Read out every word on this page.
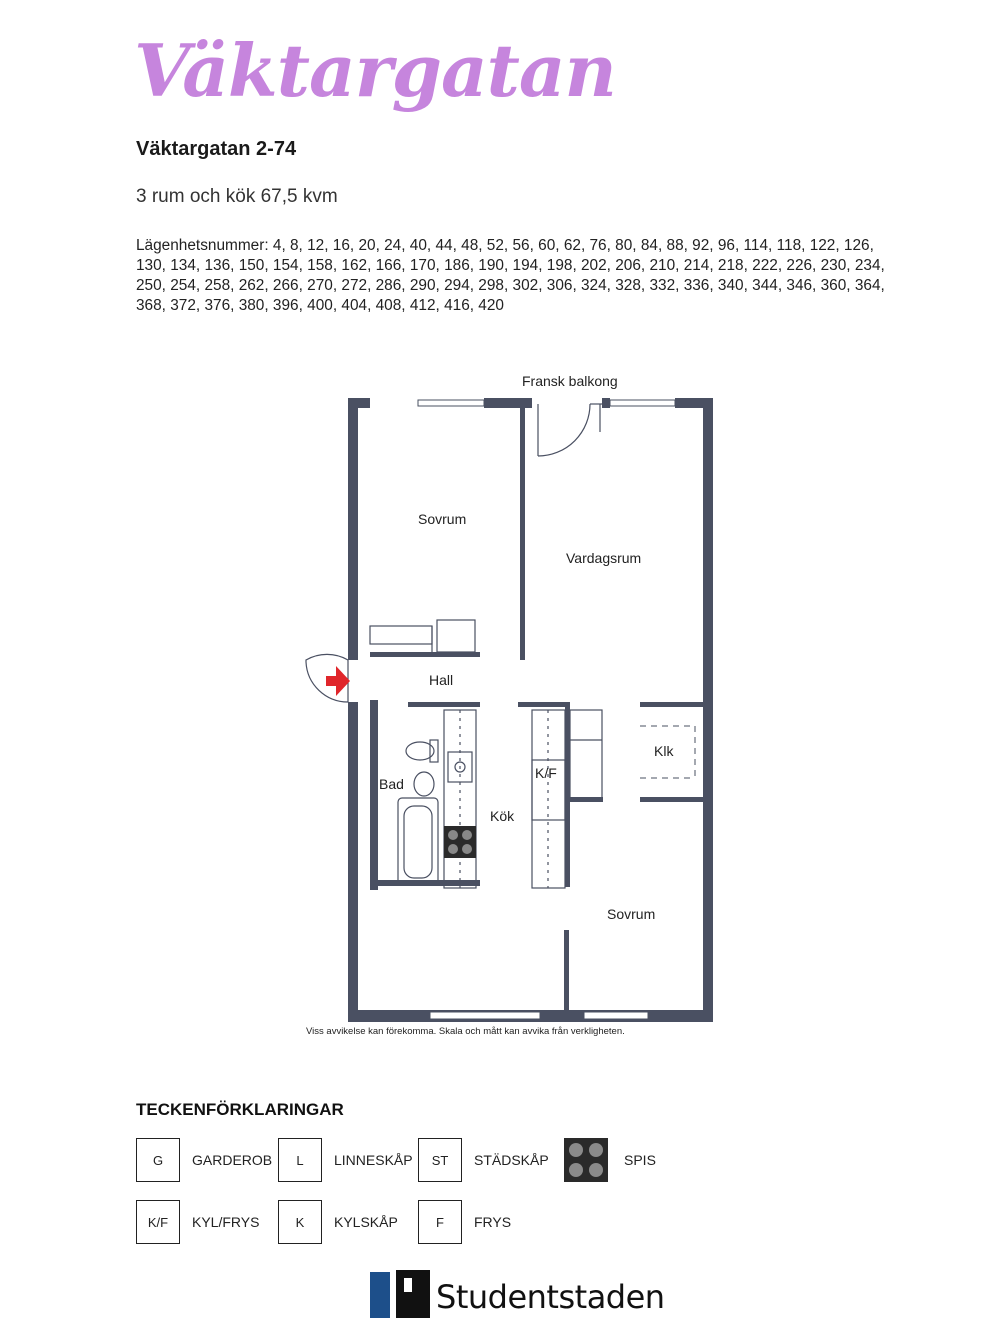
Väktargatan
Väktargatan 2-74
3 rum och kök 67,5 kvm
Lägenhetsnummer: 4, 8, 12, 16, 20, 24, 40, 44, 48, 52, 56, 60, 62, 76, 80, 84, 88, 92, 96, 114, 118, 122, 126, 130, 134, 136, 150, 154, 158, 162, 166, 170, 186, 190, 194, 198, 202, 206, 210, 214, 218, 222, 226, 230, 234, 250, 254, 258, 262, 266, 270, 272, 286, 290, 294, 298, 302, 306, 324, 328, 332, 336, 340, 344, 346, 360, 364, 368, 372, 376, 380, 396, 400, 404, 408, 412, 416, 420
Fransk balkong
Sovrum
Vardagsrum
Hall
Bad
K/F
Kök
Klk
Sovrum
Viss avvikelse kan förekomma. Skala och mått kan avvika från verkligheten.
TECKENFÖRKLARINGAR
G	GARDEROB	L	LINNESKÅP	ST	STÄDSKÅP	SPIS
K/F	KYL/FRYS	K	KYLSKÅP	F	FRYS
Studentstaden
